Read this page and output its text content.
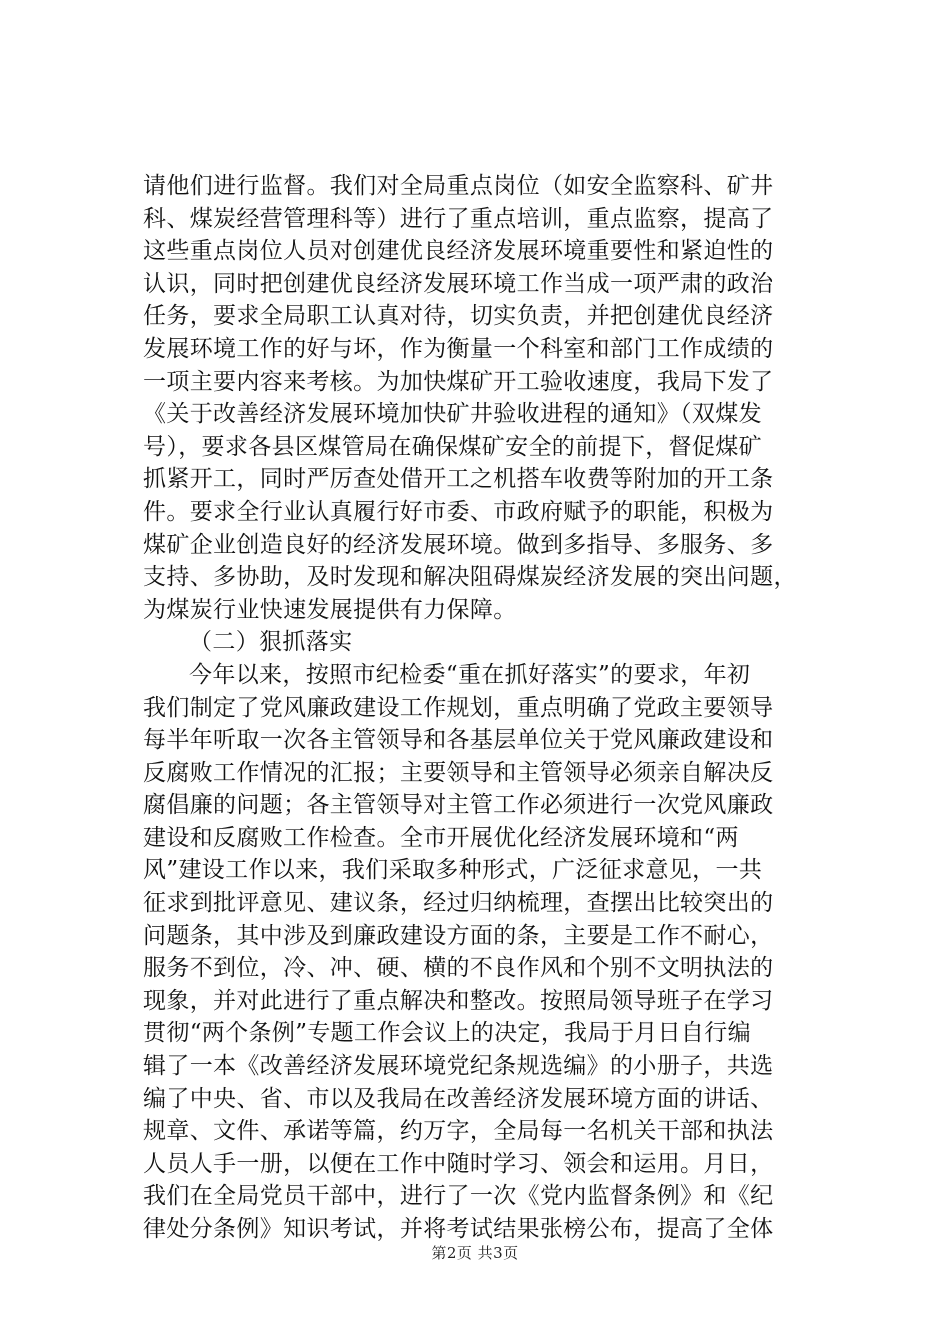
请他们进行监督。我们对全局重点岗位（如安全监察科、矿井
科、煤炭经营管理科等）进行了重点培训，重点监察，提高了
这些重点岗位人员对创建优良经济发展环境重要性和紧迫性的
认识，同时把创建优良经济发展环境工作当成一项严肃的政治
任务，要求全局职工认真对待，切实负责，并把创建优良经济
发展环境工作的好与坏，作为衡量一个科室和部门工作成绩的
一项主要内容来考核。为加快煤矿开工验收速度，我局下发了
《关于改善经济发展环境加快矿井验收进程的通知》（双煤发
号），要求各县区煤管局在确保煤矿安全的前提下，督促煤矿
抓紧开工，同时严厉查处借开工之机搭车收费等附加的开工条
件。要求全行业认真履行好市委、市政府赋予的职能，积极为
煤矿企业创造良好的经济发展环境。做到多指导、多服务、多
支持、多协助，及时发现和解决阻碍煤炭经济发展的突出问题，
为煤炭行业快速发展提供有力保障。
（二）狠抓落实
今年以来，按照市纪检委“重在抓好落实”的要求，年初
我们制定了党风廉政建设工作规划，重点明确了党政主要领导
每半年听取一次各主管领导和各基层单位关于党风廉政建设和
反腐败工作情况的汇报；主要领导和主管领导必须亲自解决反
腐倡廉的问题；各主管领导对主管工作必须进行一次党风廉政
建设和反腐败工作检查。全市开展优化经济发展环境和“两
风”建设工作以来，我们采取多种形式，广泛征求意见，一共
征求到批评意见、建议条，经过归纳梳理，查摆出比较突出的
问题条，其中涉及到廉政建设方面的条，主要是工作不耐心，
服务不到位，冷、冲、硬、横的不良作风和个别不文明执法的
现象，并对此进行了重点解决和整改。按照局领导班子在学习
贯彻“两个条例”专题工作会议上的决定，我局于月日自行编
辑了一本《改善经济发展环境党纪条规选编》的小册子，共选
编了中央、省、市以及我局在改善经济发展环境方面的讲话、
规章、文件、承诺等篇，约万字，全局每一名机关干部和执法
人员人手一册，以便在工作中随时学习、领会和运用。月日，
我们在全局党员干部中，进行了一次《党内监督条例》和《纪
律处分条例》知识考试，并将考试结果张榜公布，提高了全体
第2页 共3页
